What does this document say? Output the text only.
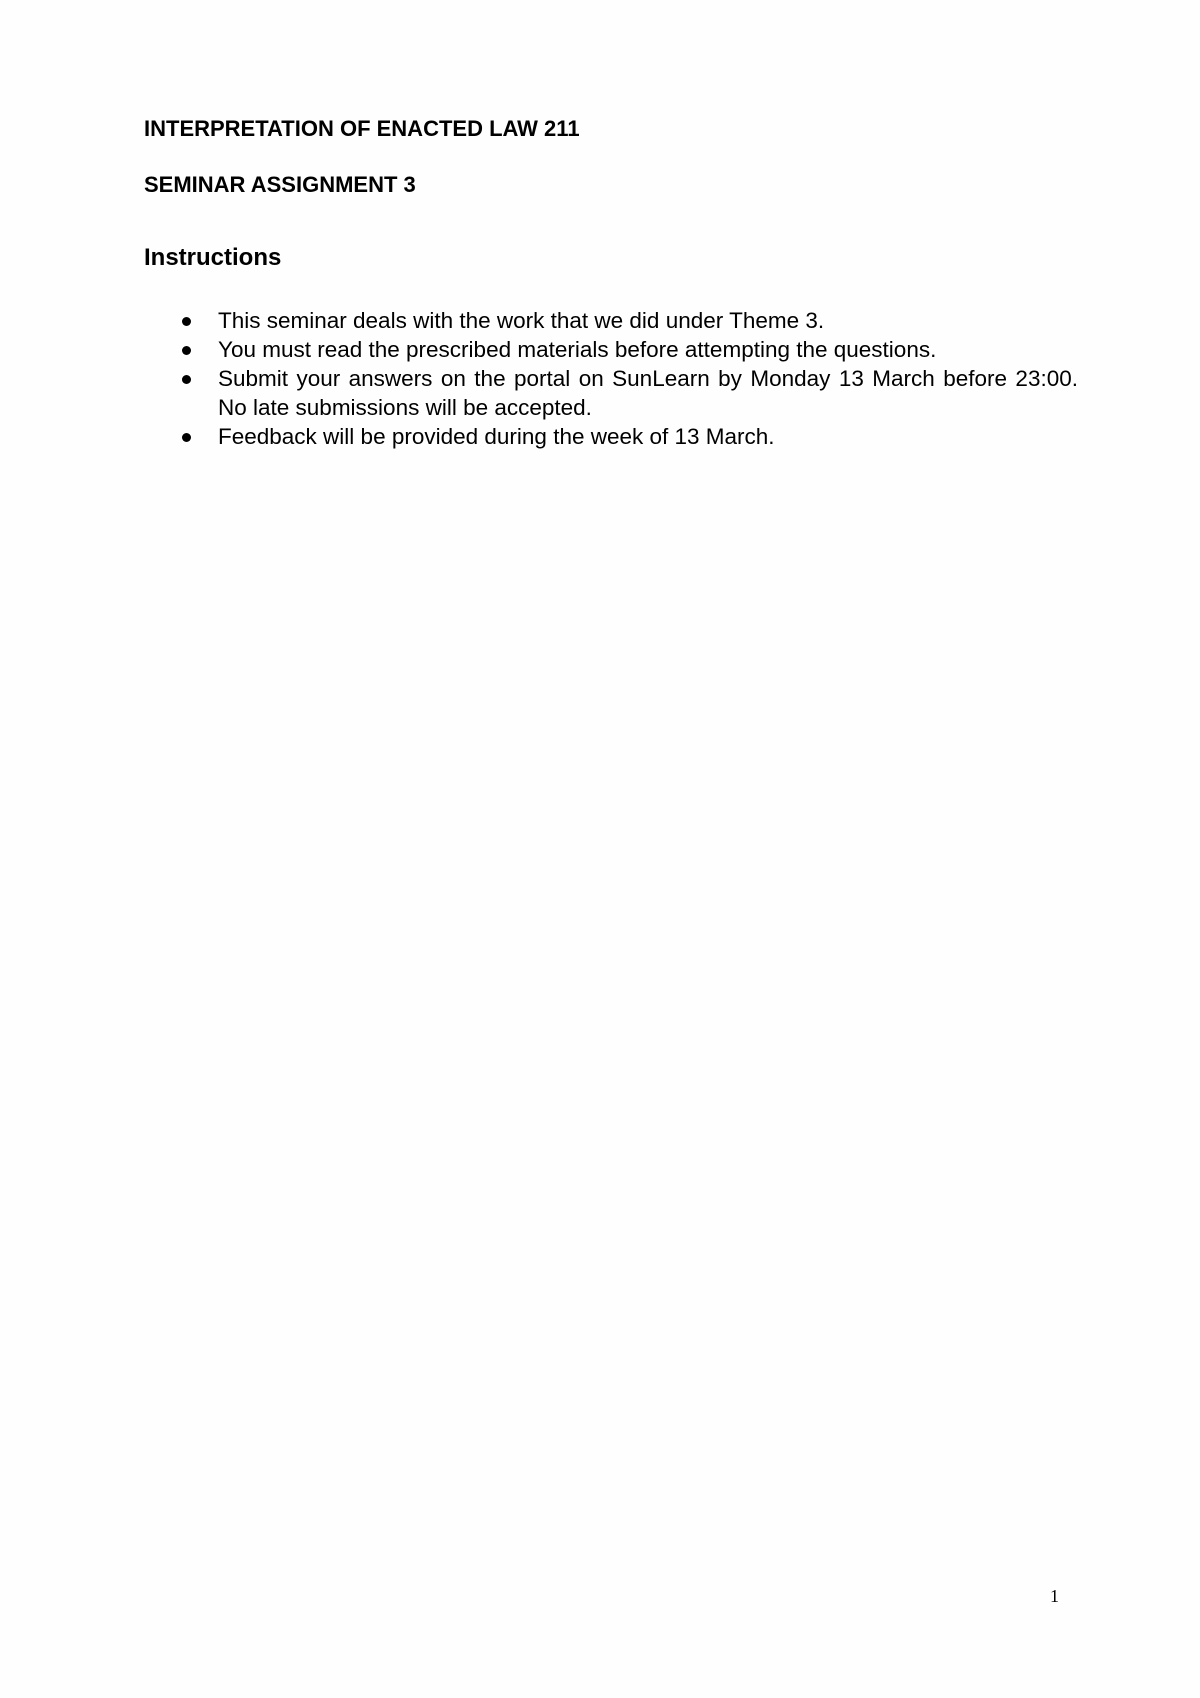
INTERPRETATION OF ENACTED LAW 211
SEMINAR ASSIGNMENT 3
Instructions
This seminar deals with the work that we did under Theme 3.
You must read the prescribed materials before attempting the questions.
Submit your answers on the portal on SunLearn by Monday 13 March before 23:00. No late submissions will be accepted.
Feedback will be provided during the week of 13 March.
1
